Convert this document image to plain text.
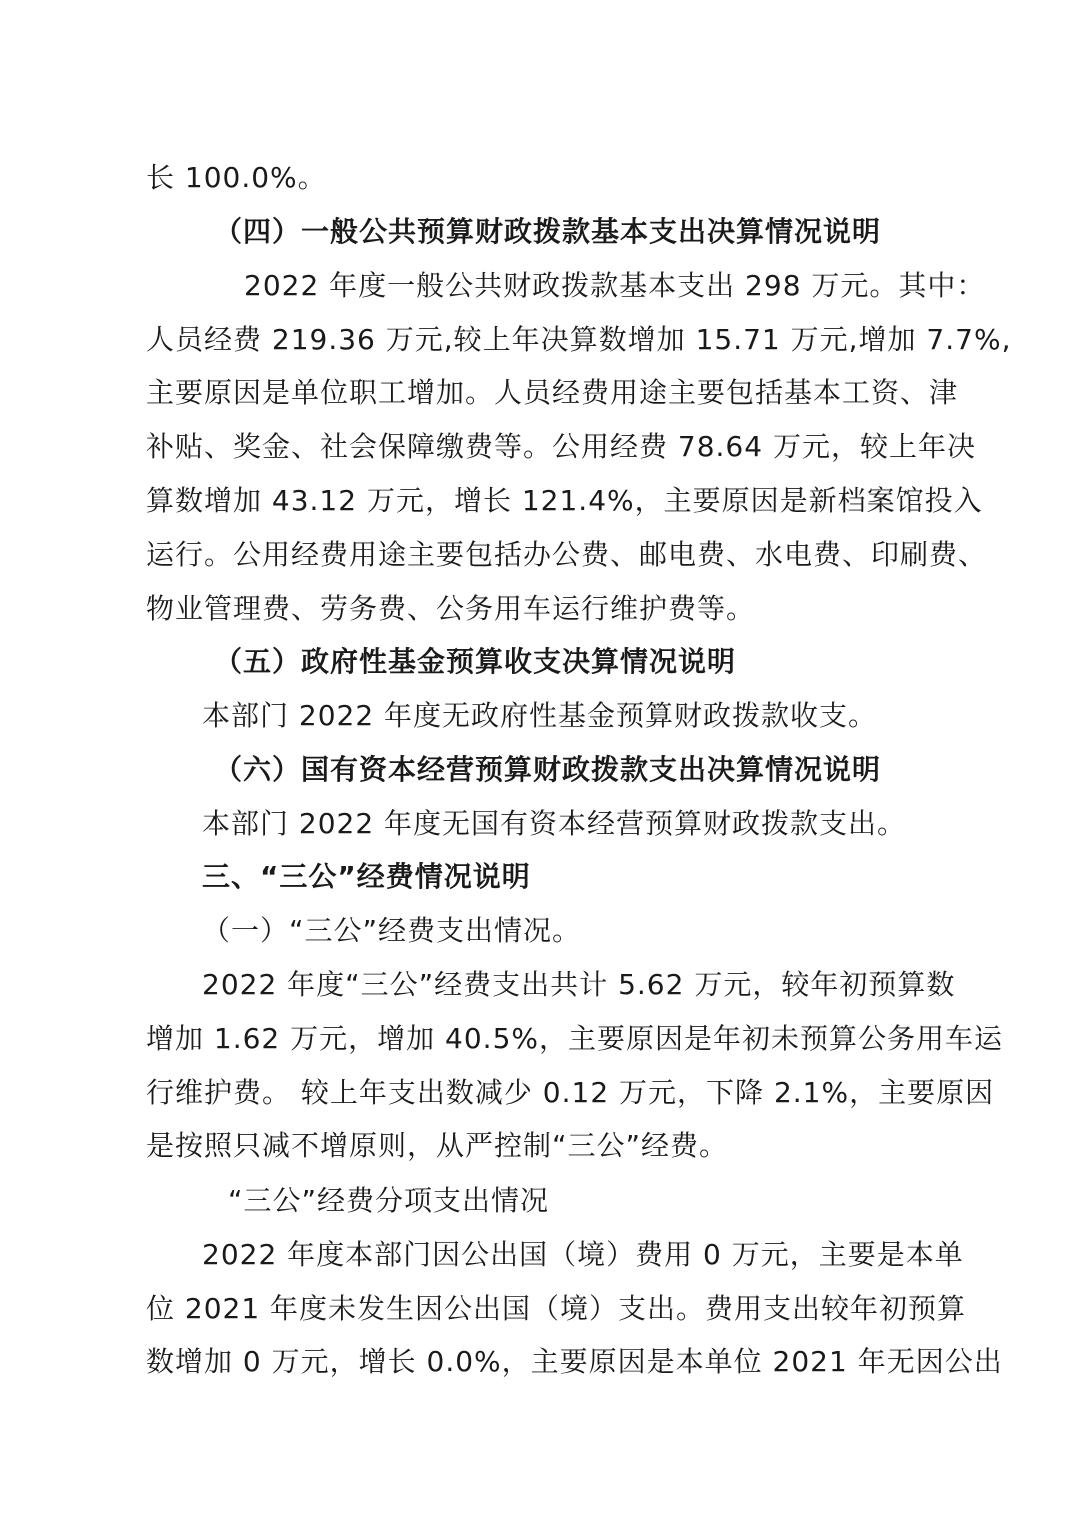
长 100.0%。
（四）一般公共预算财政拨款基本支出决算情况说明
2022 年度一般公共财政拨款基本支出 298 万元。其中：
人员经费 219.36 万元,较上年决算数增加 15.71 万元,增加 7.7%,
主要原因是单位职工增加。人员经费用途主要包括基本工资、津
补贴、奖金、社会保障缴费等。公用经费 78.64 万元，较上年决
算数增加 43.12 万元，增长 121.4%，主要原因是新档案馆投入
运行。公用经费用途主要包括办公费、邮电费、水电费、印刷费、
物业管理费、劳务费、公务用车运行维护费等。
（五）政府性基金预算收支决算情况说明
本部门 2022 年度无政府性基金预算财政拨款收支。
（六）国有资本经营预算财政拨款支出决算情况说明
本部门 2022 年度无国有资本经营预算财政拨款支出。
三、“三公”经费情况说明
（一）“三公”经费支出情况。
2022 年度“三公”经费支出共计 5.62 万元，较年初预算数
增加 1.62 万元，增加 40.5%，主要原因是年初未预算公务用车运
行维护费。 较上年支出数减少 0.12 万元，下降 2.1%，主要原因
是按照只减不增原则，从严控制“三公”经费。
“三公”经费分项支出情况
2022 年度本部门因公出国（境）费用 0 万元，主要是本单
位 2021 年度未发生因公出国（境）支出。费用支出较年初预算
数增加 0 万元，增长 0.0%，主要原因是本单位 2021 年无因公出
